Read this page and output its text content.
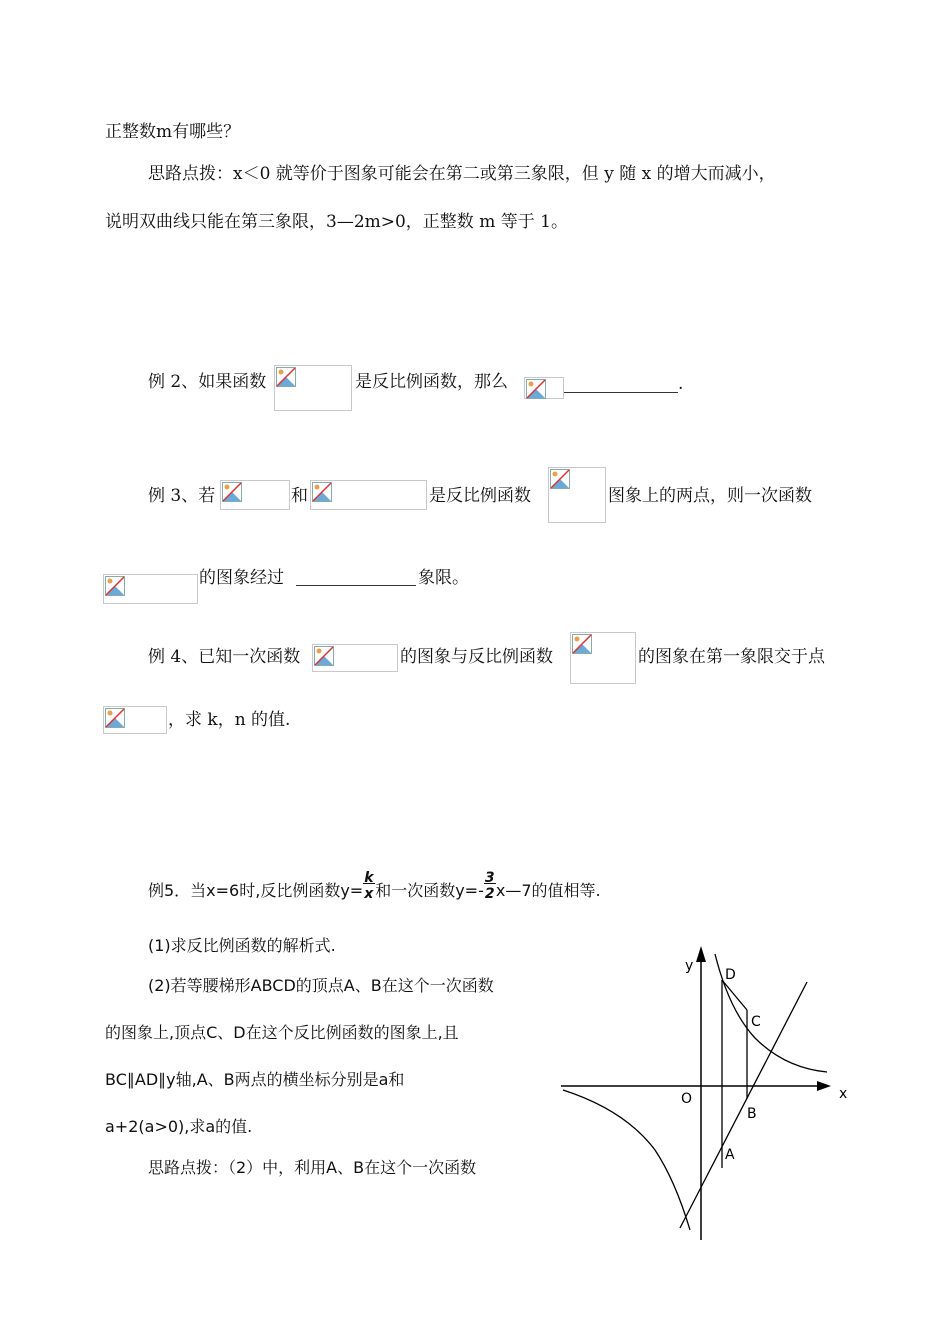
正整数m有哪些？
思路点拨：x＜0 就等价于图象可能会在第二或第三象限，但 y 随 x 的增大而减小，
说明双曲线只能在第三象限，3—2m>0，正整数 m 等于 1。
例 2、如果函数	是反比例函数，那么	.
例 3、若	和	是反比例函数	图象上的两点，则一次函数
的图象经过	象限。
例 4、已知一次函数	的图象与反比例函数	的图象在第一象限交于点
，求 k，n 的值.
例5．当x=6时,反比例函数$y= \frac{k}{x}$ 和一次函数$y=- \frac{3}{2}$ x—7的值相等.
(1)求反比例函数的解析式.
(2)若等腰梯形ABCD的顶点A、B在这个一次函数
的图象上,顶点C、D在这个反比例函数的图象上,且
BC∥AD∥y轴,A、B两点的横坐标分别是a和
a+2(a>0),求a的值.
思路点拨：（2）中，利用A、B在这个一次函数
y
x
O
A
B
C
D
